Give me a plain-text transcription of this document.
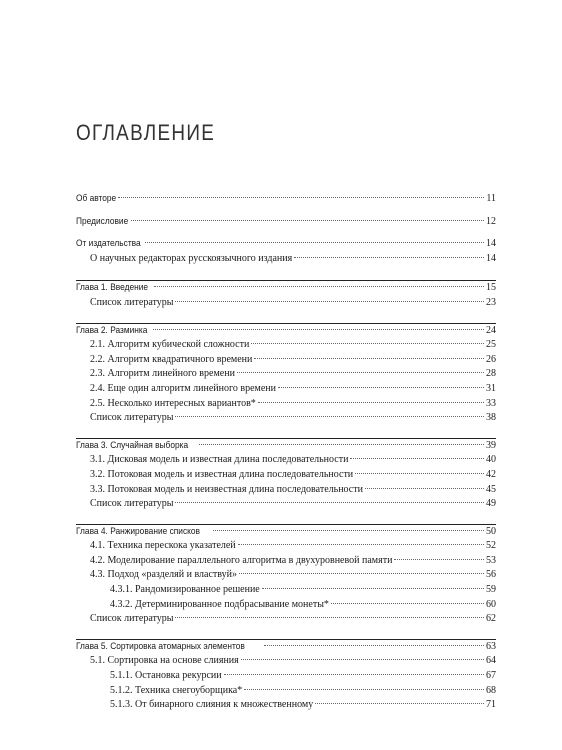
ОГЛАВЛЕНИЕ
Об авторе	11
Предисловие	12
От издательства	14
О научных редакторах русскоязычного издания	14
Глава 1. Введение	15
Список литературы	23
Глава 2. Разминка	24
2.1. Алгоритм кубической сложности	25
2.2. Алгоритм квадратичного времени	26
2.3. Алгоритм линейного времени	28
2.4. Еще один алгоритм линейного времени	31
2.5. Несколько интересных вариантов*	33
Список литературы	38
Глава 3. Случайная выборка	39
3.1. Дисковая модель и известная длина последовательности	40
3.2. Потоковая модель и известная длина последовательности	42
3.3. Потоковая модель и неизвестная длина последовательности	45
Список литературы	49
Глава 4. Ранжирование списков	50
4.1. Техника перескока указателей	52
4.2. Моделирование параллельного алгоритма в двухуровневой памяти	53
4.3. Подход «разделяй и властвуй»	56
4.3.1. Рандомизированное решение	59
4.3.2. Детерминированное подбрасывание монеты*	60
Список литературы	62
Глава 5. Сортировка атомарных элементов	63
5.1. Сортировка на основе слияния	64
5.1.1. Остановка рекурсии	67
5.1.2. Техника снегоуборщика*	68
5.1.3. От бинарного слияния к множественному	71
